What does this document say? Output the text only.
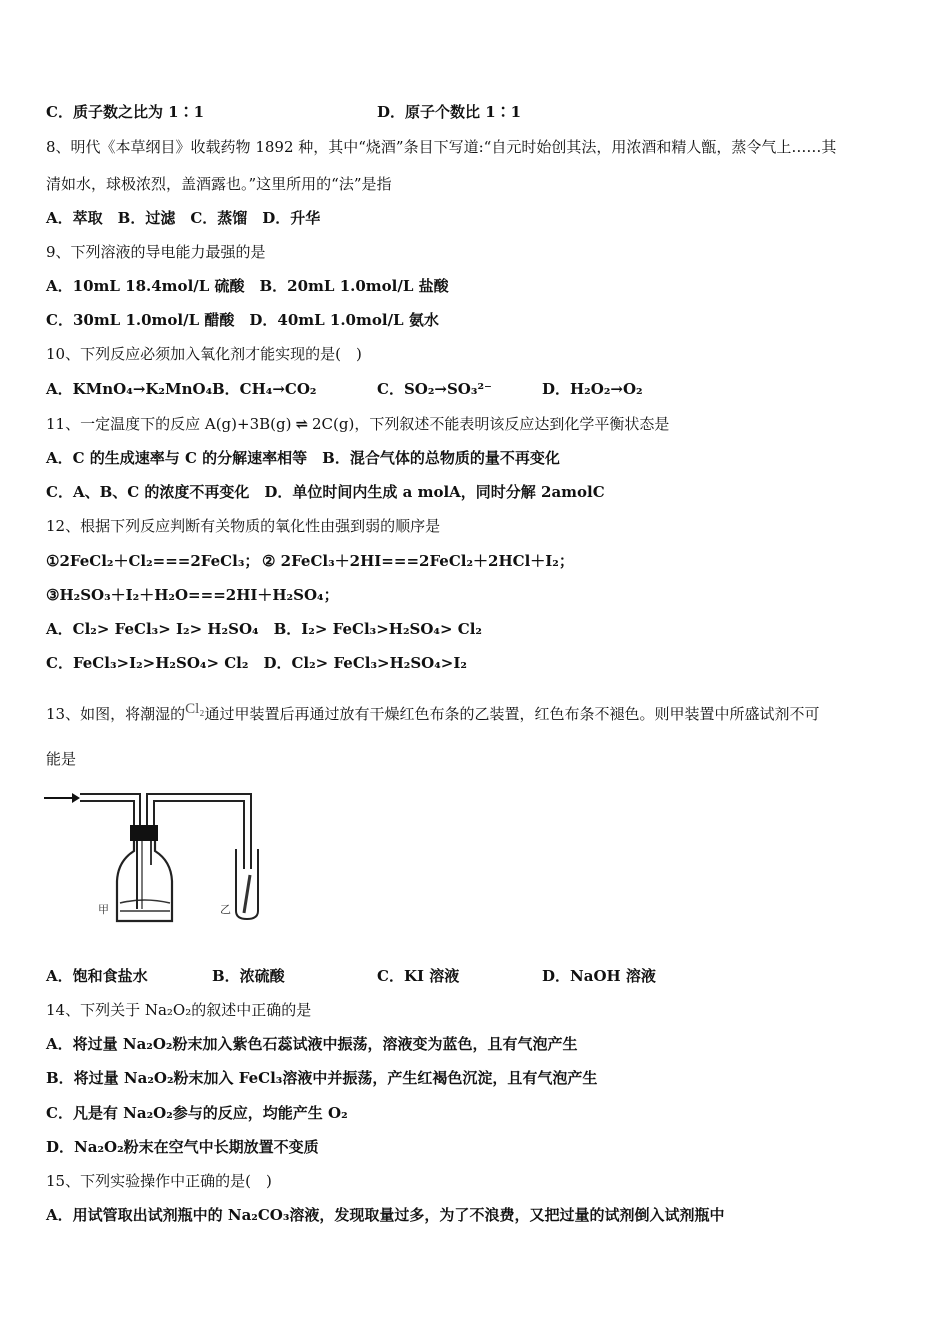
C．质子数之比为 1∶1	D．原子个数比 1∶1
8、明代《本草纲目》收载药物 1892 种，其中“烧酒”条目下写道:“自元时始创其法，用浓酒和精人甑，蒸令气上……其
清如水，球极浓烈，盖酒露也。”这里所用的“法”是指
A．萃取　B．过滤　C．蒸馏　D．升华
9、下列溶液的导电能力最强的是
A．10mL 18.4mol/L 硫酸　B．20mL 1.0mol/L 盐酸
C．30mL 1.0mol/L 醋酸　D．40mL 1.0mol/L 氨水
10、下列反应必须加入氧化剂才能实现的是(　)
A．KMnO₄→K₂MnO₄ B．CH₄→CO₂	C．SO₂→SO₃²⁻	D．H₂O₂→O₂
11、一定温度下的反应 A(g)+3B(g) ⇌ 2C(g)，下列叙述不能表明该反应达到化学平衡状态是
A．C 的生成速率与 C 的分解速率相等　B．混合气体的总物质的量不再变化
C．A、B、C 的浓度不再变化　D．单位时间内生成 a molA，同时分解 2amolC
12、根据下列反应判断有关物质的氧化性由强到弱的顺序是
①2FeCl₂＋Cl₂===2FeCl₃； ② 2FeCl₃＋2HI===2FeCl₂＋2HCl＋I₂；
③H₂SO₃＋I₂＋H₂O===2HI＋H₂SO₄；
A．Cl₂> FeCl₃> I₂> H₂SO₄　B．I₂> FeCl₃>H₂SO₄> Cl₂
C．FeCl₃>I₂>H₂SO₄> Cl₂　D．Cl₂> FeCl₃>H₂SO₄>I₂
13、如图，将潮湿的Cl₂通过甲装置后再通过放有干燥红色布条的乙装置，红色布条不褪色。则甲装置中所盛试剂不可
能是
甲	乙
A．饱和食盐水	B．浓硫酸	C．KI 溶液	D．NaOH 溶液
14、下列关于 Na₂O₂的叙述中正确的是
A．将过量 Na₂O₂粉末加入紫色石蕊试液中振荡，溶液变为蓝色，且有气泡产生
B．将过量 Na₂O₂粉末加入 FeCl₃溶液中并振荡，产生红褐色沉淀，且有气泡产生
C．凡是有 Na₂O₂参与的反应，均能产生 O₂
D．Na₂O₂粉末在空气中长期放置不变质
15、下列实验操作中正确的是(　)
A．用试管取出试剂瓶中的 Na₂CO₃溶液，发现取量过多，为了不浪费，又把过量的试剂倒入试剂瓶中
